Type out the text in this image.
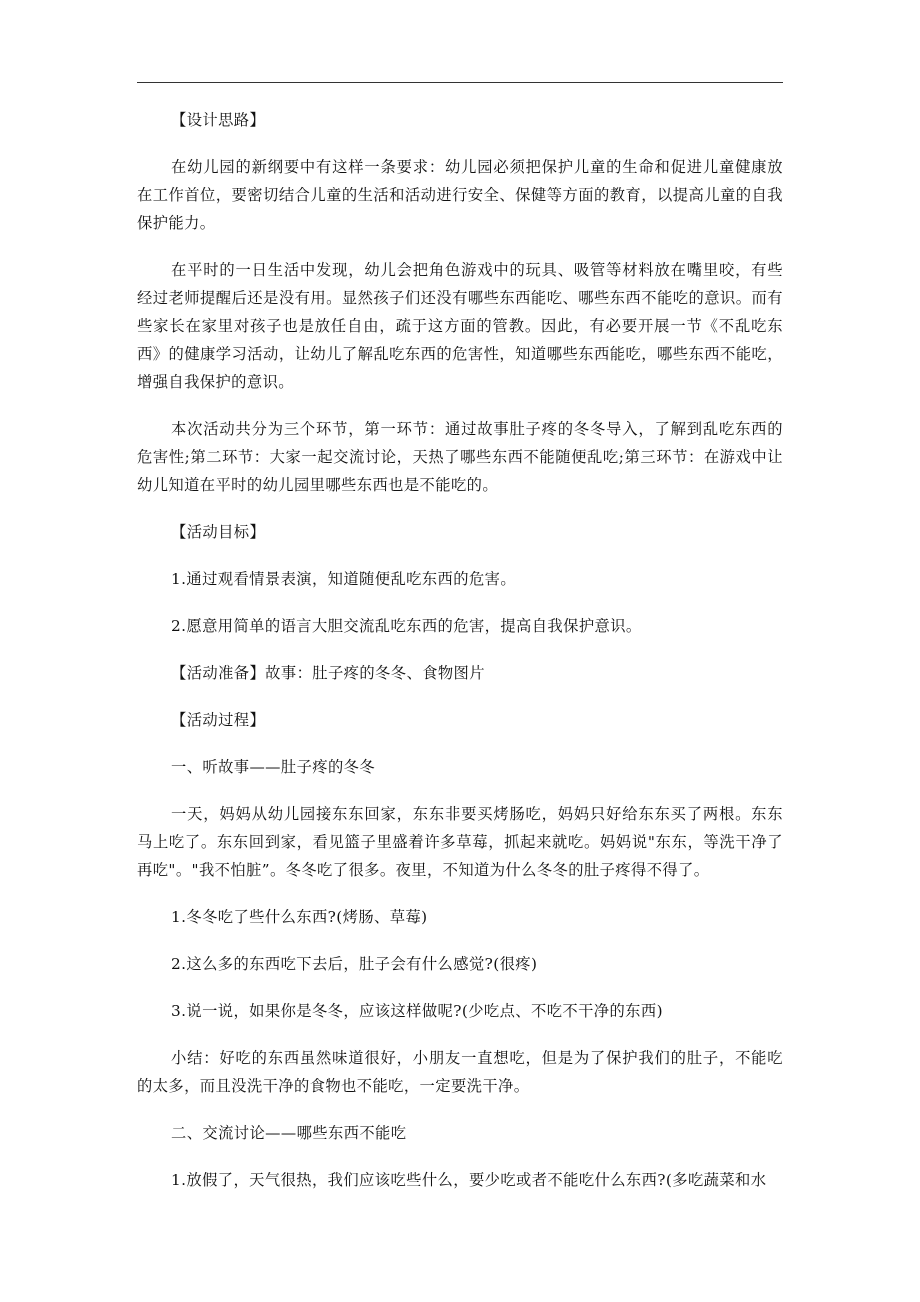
【设计思路】

在幼儿园的新纲要中有这样一条要求：幼儿园必须把保护儿童的生命和促进儿童健康放在工作首位，要密切结合儿童的生活和活动进行安全、保健等方面的教育，以提高儿童的自我保护能力。

在平时的一日生活中发现，幼儿会把角色游戏中的玩具、吸管等材料放在嘴里咬，有些经过老师提醒后还是没有用。显然孩子们还没有哪些东西能吃、哪些东西不能吃的意识。而有些家长在家里对孩子也是放任自由，疏于这方面的管教。因此，有必要开展一节《不乱吃东西》的健康学习活动，让幼儿了解乱吃东西的危害性，知道哪些东西能吃，哪些东西不能吃，增强自我保护的意识。

本次活动共分为三个环节，第一环节：通过故事肚子疼的冬冬导入，了解到乱吃东西的危害性;第二环节：大家一起交流讨论，天热了哪些东西不能随便乱吃;第三环节：在游戏中让幼儿知道在平时的幼儿园里哪些东西也是不能吃的。

【活动目标】

1.通过观看情景表演，知道随便乱吃东西的危害。

2.愿意用简单的语言大胆交流乱吃东西的危害，提高自我保护意识。

【活动准备】故事：肚子疼的冬冬、食物图片

【活动过程】

一、听故事——肚子疼的冬冬

一天，妈妈从幼儿园接东东回家，东东非要买烤肠吃，妈妈只好给东东买了两根。东东马上吃了。东东回到家，看见篮子里盛着许多草莓，抓起来就吃。妈妈说"东东，等洗干净了再吃"。"我不怕脏”。冬冬吃了很多。夜里，不知道为什么冬冬的肚子疼得不得了。

1.冬冬吃了些什么东西?(烤肠、草莓)

2.这么多的东西吃下去后，肚子会有什么感觉?(很疼)

3.说一说，如果你是冬冬，应该这样做呢?(少吃点、不吃不干净的东西)

小结：好吃的东西虽然味道很好，小朋友一直想吃，但是为了保护我们的肚子，不能吃的太多，而且没洗干净的食物也不能吃，一定要洗干净。

二、交流讨论——哪些东西不能吃

1.放假了，天气很热，我们应该吃些什么，要少吃或者不能吃什么东西?(多吃蔬菜和水
